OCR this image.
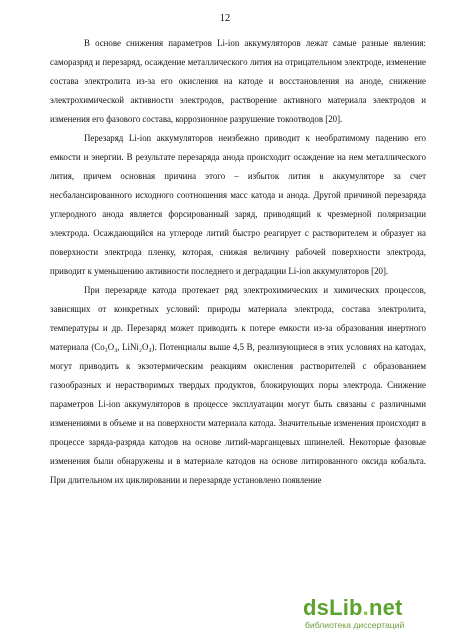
12

В основе снижения параметров Li-ion аккумуляторов лежат самые разные явления: саморазряд и перезаряд, осаждение металлического лития на отрицательном электроде, изменение состава электролита из-за его окисления на катоде и восстановления на аноде, снижение электрохимической активности электродов, растворение активного материала электродов и изменения его фазового состава, коррозионное разрушение токоотводов [20].

Перезаряд Li-ion аккумуляторов неизбежно приводит к необратимому падению его емкости и энергии. В результате перезаряда анода происходит осаждение на нем металлического лития, причем основная причина этого – избыток лития в аккумуляторе за счет несбалансированного исходного соотношения масс катода и анода. Другой причиной перезаряда углеродного анода является форсированный заряд, приводящий к чрезмерной поляризации электрода. Осаждающийся на углероде литий быстро реагирует с растворителем и образует на поверхности электрода пленку, которая, снижая величину рабочей поверхности электрода, приводит к уменьшению активности последнего и деградации Li-ion аккумуляторов [20].

При перезаряде катода протекает ряд электрохимических и химических процессов, зависящих от конкретных условий: природы материала электрода, состава электролита, температуры и др. Перезаряд может приводить к потере емкости из-за образования инертного материала (Co₃O₄, LiNi₂O₄). Потенциалы выше 4,5 В, реализующиеся в этих условиях на катодах, могут приводить к экзотермическим реакциям окисления растворителей с образованием газообразных и нерастворимых твердых продуктов, блокирующих поры электрода. Снижение параметров Li-ion аккумуляторов в процессе эксплуатации могут быть связаны с различными изменениями в объеме и на поверхности материала катода. Значительные изменения происходят в процессе заряда-разряда катодов на основе литий-марганцевых шпинелей. Некоторые фазовые изменения были обнаружены и в материале катодов на основе литированного оксида кобальта. При длительном их циклировании и перезаряде установлено появление

dsLib.net
библиотека диссертаций
